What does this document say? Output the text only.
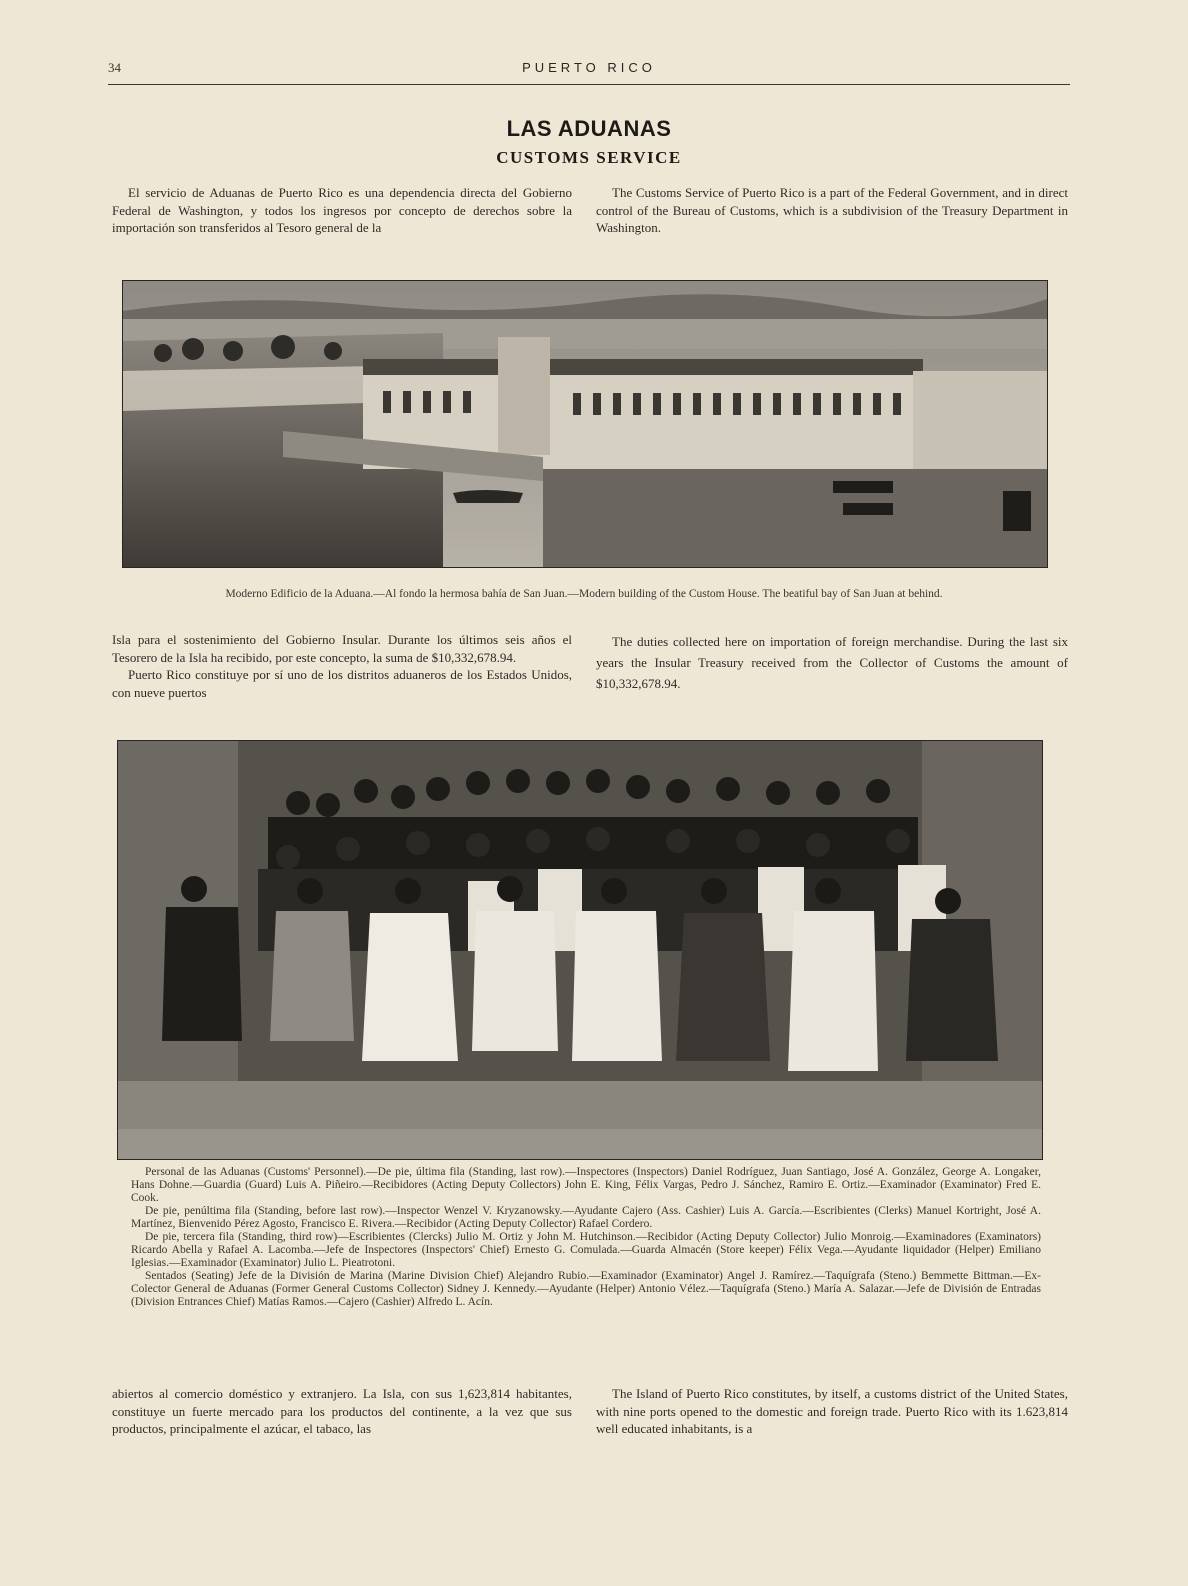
34	PUERTO RICO
LAS ADUANAS
CUSTOMS SERVICE

El servicio de Aduanas de Puerto Rico es una dependencia directa del Gobierno Federal de Washington, y todos los ingresos por concepto de derechos sobre la importación son transferidos al Tesoro general de la

The Customs Service of Puerto Rico is a part of the Federal Government, and in direct control of the Bureau of Customs, which is a subdivision of the Treasury Department in Washington.

Moderno Edificio de la Aduana.—Al fondo la hermosa bahía de San Juan.—Modern building of the Custom House. The beatiful bay of San Juan at behind.

Isla para el sostenimiento del Gobierno Insular. Durante los últimos seis años el Tesorero de la Isla ha recibido, por este concepto, la suma de $10,332,678.94.

Puerto Rico constituye por sí uno de los distritos aduaneros de los Estados Unidos, con nueve puertos

The duties collected here on importation of foreign merchandise. During the last six years the Insular Treasury received from the Collector of Customs the amount of $10,332,678.94.

Personal de las Aduanas (Customs' Personnel).—De pie, última fila (Standing, last row).—Inspectores (Inspectors) Daniel Rodríguez, Juan Santiago, José A. González, George A. Longaker, Hans Dohne.—Guardia (Guard) Luis A. Piñeiro.—Recibidores (Acting Deputy Collectors) John E. King, Félix Vargas, Pedro J. Sánchez, Ramiro E. Ortiz.—Examinador (Examinator) Fred E. Cook.

De pie, penúltima fila (Standing, before last row).—Inspector Wenzel V. Kryzanowsky.—Ayudante Cajero (Ass. Cashier) Luis A. García.—Escribientes (Clerks) Manuel Kortright, José A. Martínez, Bienvenido Pérez Agosto, Francisco E. Rivera.—Recibidor (Acting Deputy Collector) Rafael Cordero.

De pie, tercera fila (Standing, third row)—Escribientes (Clercks) Julio M. Ortiz y John M. Hutchinson.—Recibidor (Acting Deputy Collector) Julio Monroig.—Examinadores (Examinators) Ricardo Abella y Rafael A. Lacomba.—Jefe de Inspectores (Inspectors' Chief) Ernesto G. Comulada.—Guarda Almacén (Store keeper) Félix Vega.—Ayudante liquidador (Helper) Emiliano Iglesias.—Examinador (Examinator) Julio L. Pieatrotoni.

Sentados (Seating) Jefe de la División de Marina (Marine Division Chief) Alejandro Rubio.—Examinador (Examinator) Angel J. Ramírez.—Taquígrafa (Steno.) Bemmette Bittman.—Ex-Colector General de Aduanas (Former General Customs Collector) Sidney J. Kennedy.—Ayudante (Helper) Antonio Vélez.—Taquígrafa (Steno.) María A. Salazar.—Jefe de División de Entradas (Division Entrances Chief) Matías Ramos.—Cajero (Cashier) Alfredo L. Acín.

abiertos al comercio doméstico y extranjero. La Isla, con sus 1,623,814 habitantes, constituye un fuerte mercado para los productos del continente, a la vez que sus productos, principalmente el azúcar, el tabaco, las

The Island of Puerto Rico constitutes, by itself, a customs district of the United States, with nine ports opened to the domestic and foreign trade. Puerto Rico with its 1.623,814 well educated inhabitants, is a
